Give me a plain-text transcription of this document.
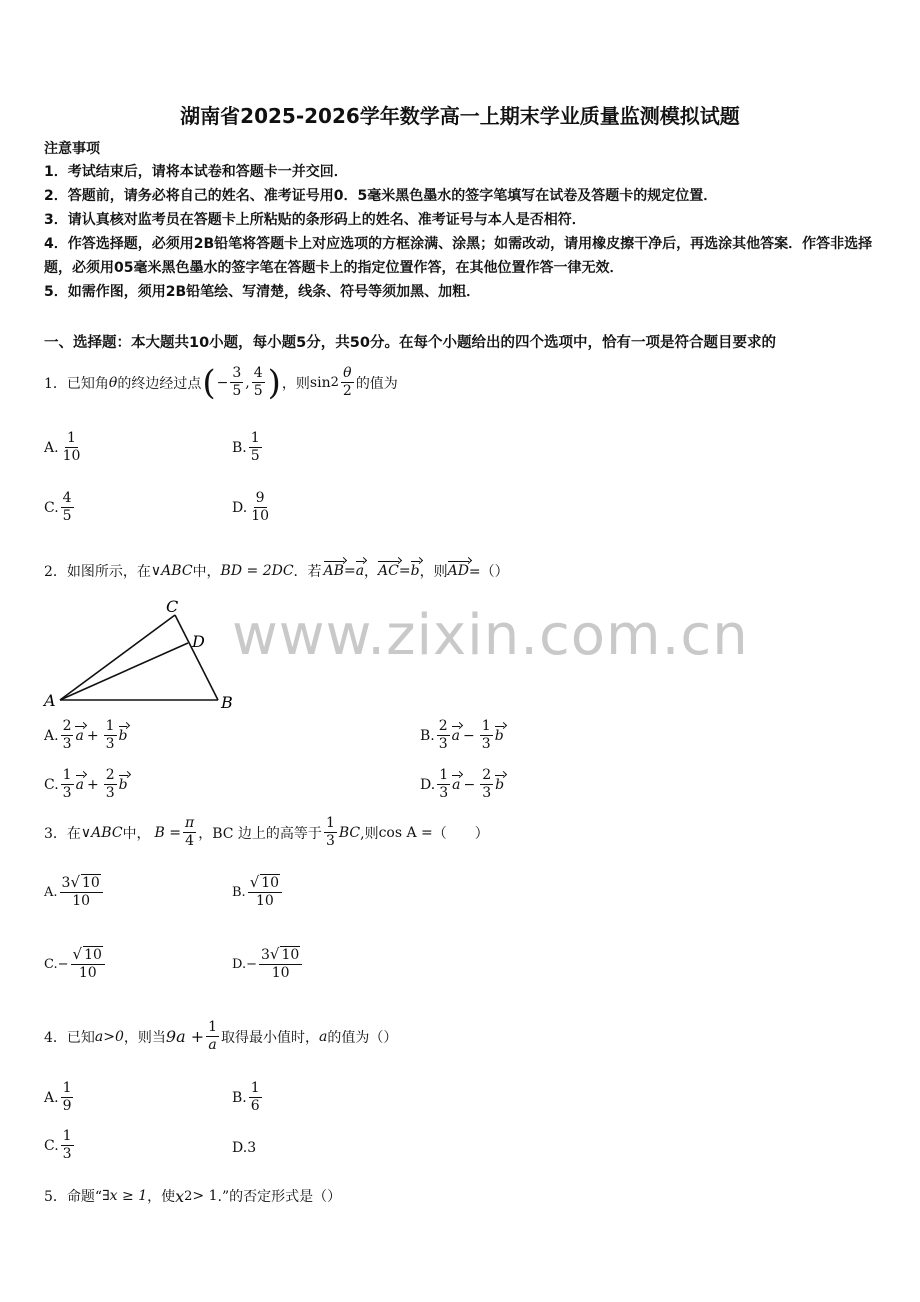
湖南省2025-2026学年数学高一上期末学业质量监测模拟试题
注意事项

1．考试结束后，请将本试卷和答题卡一并交回．

2．答题前，请务必将自己的姓名、准考证号用0．5毫米黑色墨水的签字笔填写在试卷及答题卡的规定位置．

3．请认真核对监考员在答题卡上所粘贴的条形码上的姓名、准考证号与本人是否相符．

4．作答选择题，必须用2B铅笔将答题卡上对应选项的方框涂满、涂黑；如需改动，请用橡皮擦干净后，再选涂其他答案．作答非选择题，必须用05毫米黑色墨水的签字笔在答题卡上的指定位置作答，在其他位置作答一律无效．

5．如需作图，须用2B铅笔绘、写清楚，线条、符号等须加黑、加粗．

一、选择题：本大题共10小题，每小题5分，共50分。在每个小题给出的四个选项中，恰有一项是符合题目要求的
1．已知角 θ 的终边经过点 ( − $\frac{3}{5}$ , $\frac{4}{5}$ ) ，则 $\sin 2 \frac{\theta}{2}$ 的值为
A. $\frac{1}{10}$	B. $\frac{1}{5}$
C. $\frac{4}{5}$	D. $\frac{9}{10}$
2．如图所示，在 ∨ABC 中， BD = 2DC ．若 AB = a ， AC = b ，则 AD =（）
A	B
C
D www.zixin.com.cn
A. $\frac{2}{3}$ $a + \frac{1}{3}$ b	B. $\frac{2}{3}$ $a - \frac{1}{3}$ b
C. $\frac{1}{3}$ $a + \frac{2}{3}$ b	D. $\frac{1}{3}$ $a - \frac{2}{3}$ b
3．在 ∨ABC 中， $B = \frac{\pi}{4}$ ，BC 边上的高等于 $\frac{1}{3}$ BC ,则 cos A = （　　）
A. $\frac{3√ 10}{10}$	B. $\frac{√ 10}{10}$
C. − $\frac{√ 10}{10}$	D. − $\frac{3√ 10}{10}$
4．已知 a>0 ，则当 $9a + \frac{1}{a}$ 取得最小值时， a 的值为（）
A. $\frac{1}{9}$	B. $\frac{1}{6}$
C. $\frac{1}{3}$	D. 3
5．命题“ ∃x ≥ 1 ，使 x 2 > 1 .”的否定形式是（）
